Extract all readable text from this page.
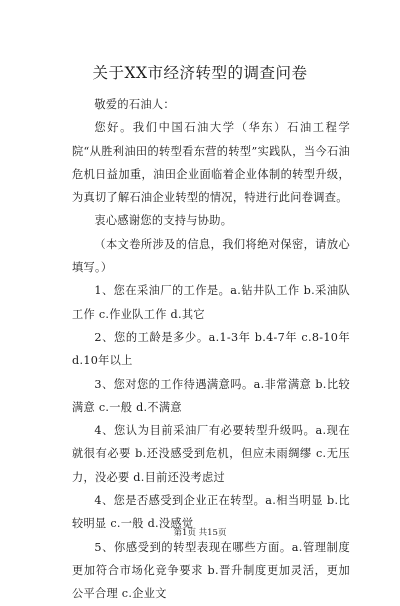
关于XX市经济转型的调查问卷

敬爱的石油人：

您好。我们中国石油大学（华东）石油工程学院“从胜利油田的转型看东营的转型”实践队，当今石油危机日益加重，油田企业面临着企业体制的转型升级，为真切了解石油企业转型的情况，特进行此问卷调查。

衷心感谢您的支持与协助。

（本文卷所涉及的信息，我们将绝对保密，请放心填写。）

1、您在采油厂的工作是。a.钻井队工作 b.采油队工作 c.作业队工作 d.其它

2、您的工龄是多少。a.1-3年 b.4-7年 c.8-10年 d.10年以上

3、您对您的工作待遇满意吗。a.非常满意 b.比较满意 c.一般 d.不满意

4、您认为目前采油厂有必要转型升级吗。a.现在就很有必要 b.还没感受到危机，但应未雨绸缪 c.无压力，没必要 d.目前还没考虑过

4、您是否感受到企业正在转型。a.相当明显 b.比较明显 c.一般 d.没感觉

5、你感受到的转型表现在哪些方面。a.管理制度更加符合市场化竞争要求 b.晋升制度更加灵活，更加公平合理 c.企业文

第1页 共15页
